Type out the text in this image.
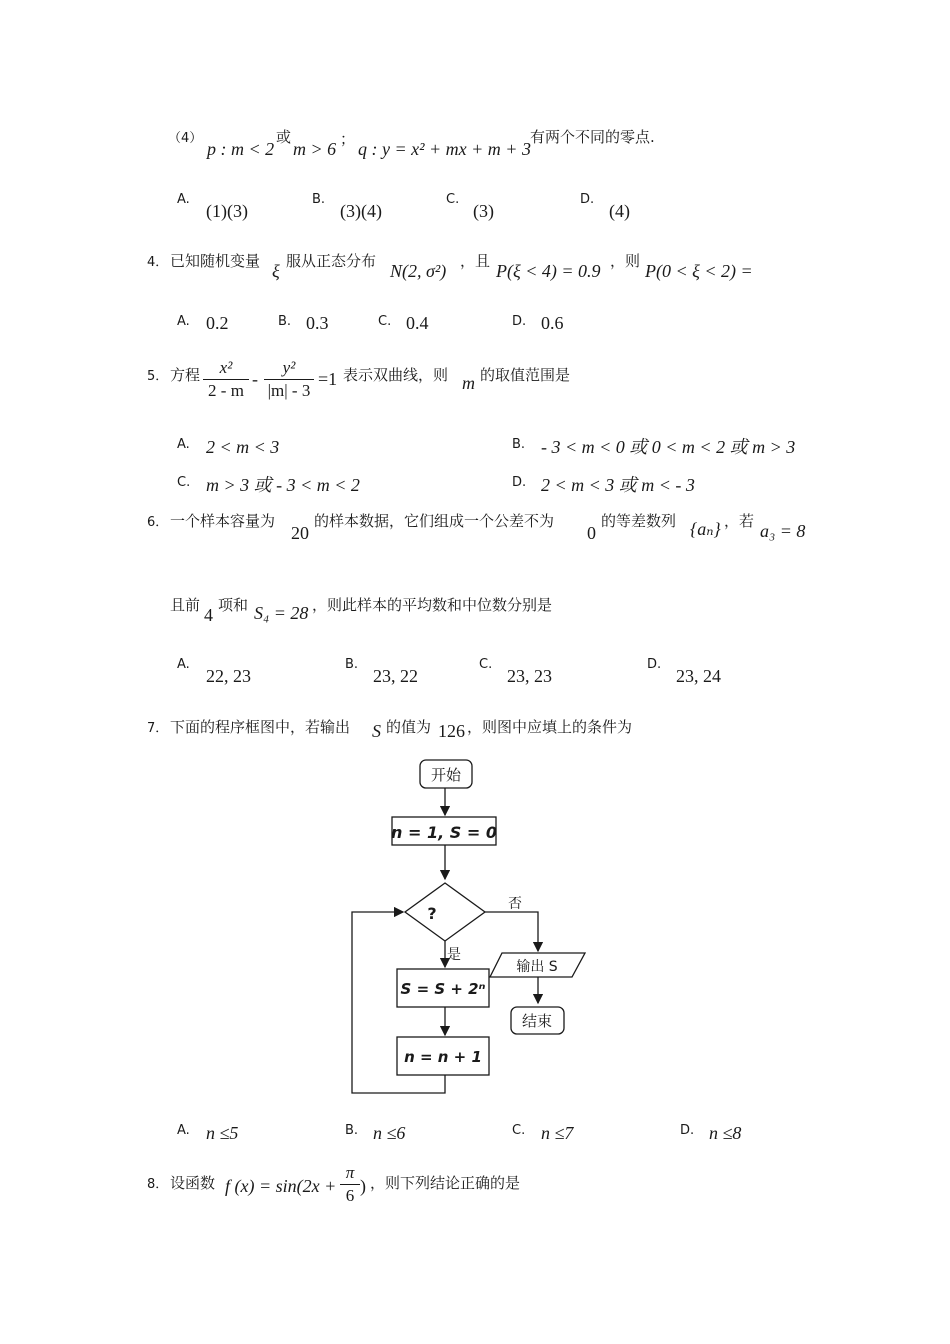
（4）
p : m < 2
或
m > 6 ； q : y = x² + mx + m + 3
有两个不同的零点.
A.
(1)(3)
B.
(3)(4)
C.
(3)
D.
(4)
4． 已知随机变量 ξ 服从正态分布 N(2, σ²) ，且 P(ξ < 4) = 0.9 ，则 P(0 < ξ < 2) =
A. 0.2	B. 0.3	C. 0.4	D. 0.6
5． 方程	x²
2 - m
-
y²
|m| - 3
=1 表示双曲线，则 m 的取值范围是
A. 2 < m < 3	B. - 3 < m < 0 或 0 < m < 2 或 m > 3
C. m > 3 或 - 3 < m < 2	D. 2 < m < 3 或 m < - 3
6． 一个样本容量为
20
的样本数据，它们组成一个公差不为
0
的等差数列 {aₙ} ，若 a₃ = 8
且前 4 项和 S₄ = 28 ，则此样本的平均数和中位数分别是
A.
22, 23
B.
23, 22
C.
23, 23
D.
23, 24
7． 下面的程序框图中，若输出 S 的值为 126 ，则图中应填上的条件为
开始
n = 1, S = 0
?	否
是
输出 S
S = S + 2ⁿ
n = n + 1
结束
A. n ≤5	B. n ≤6	C. n ≤7	D. n ≤8
8． 设函数 f (x) = sin(2x +
π
6 ) ，则下列结论正确的是
